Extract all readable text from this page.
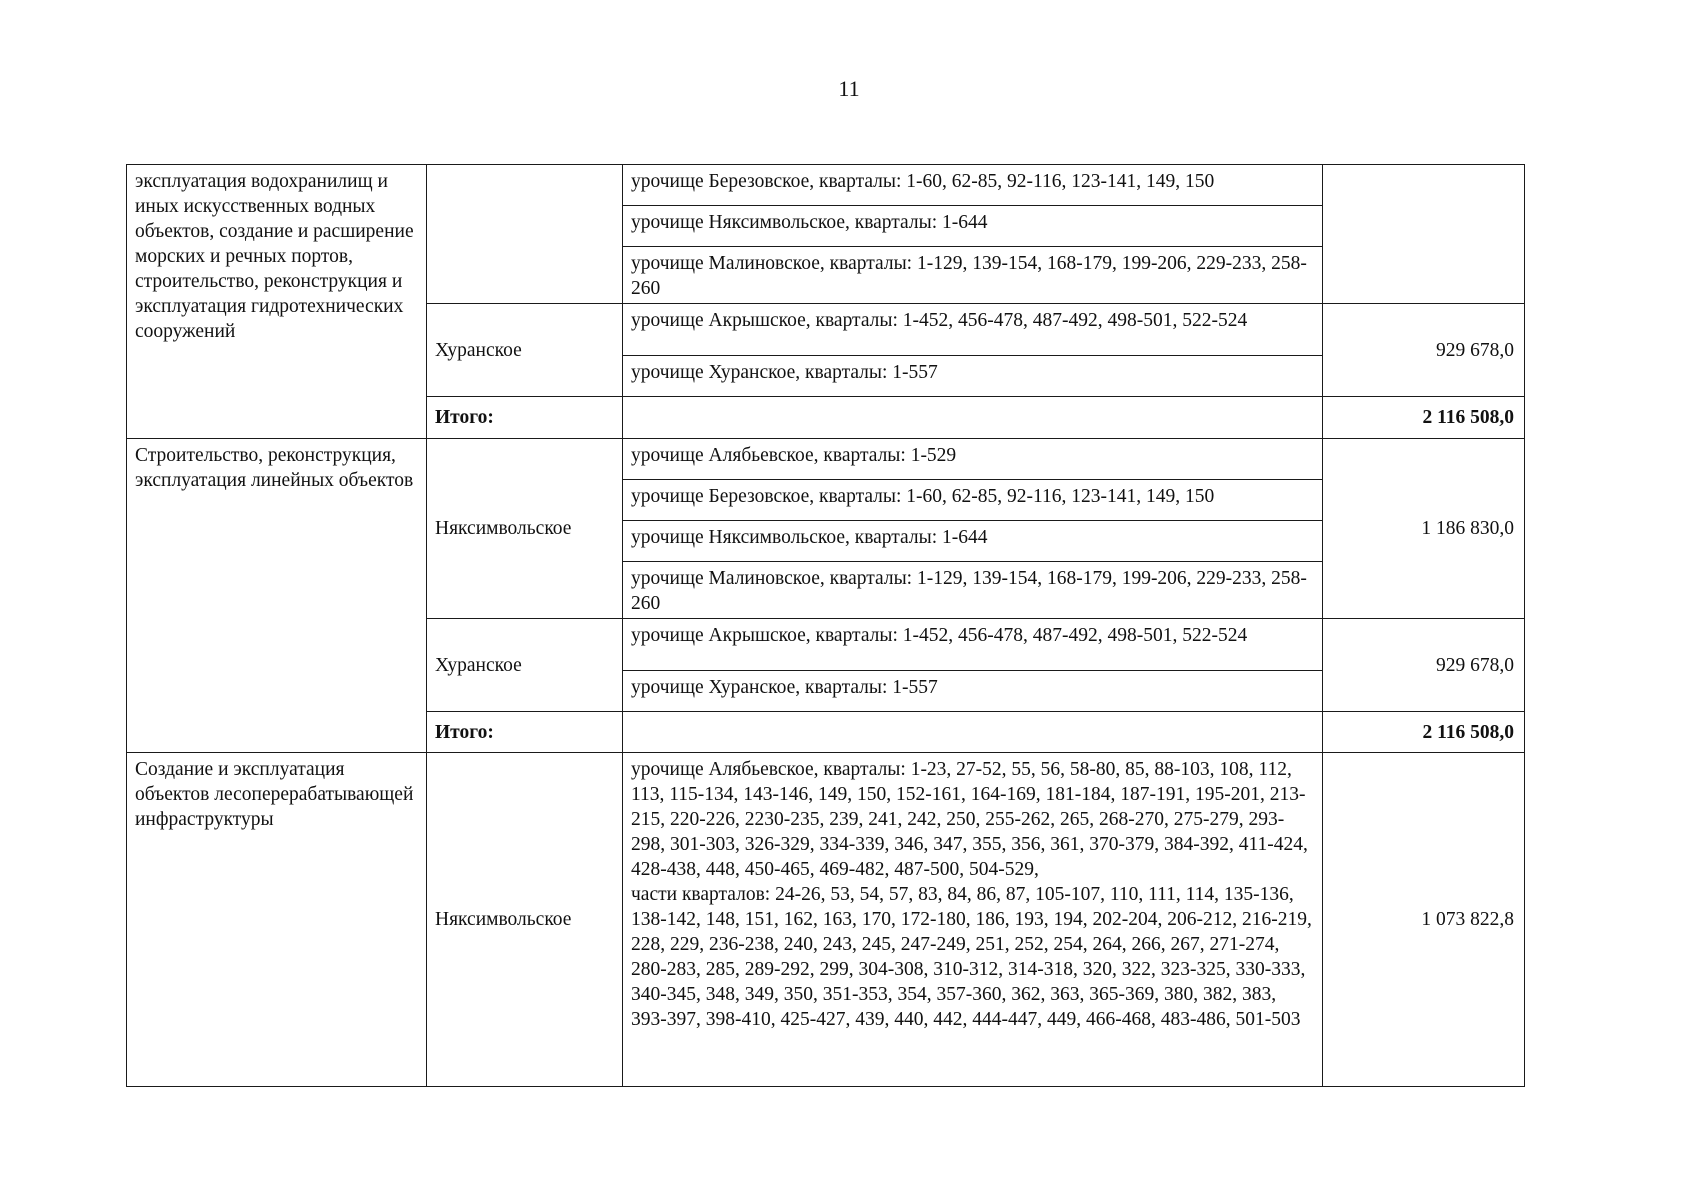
11
эксплуатация водохранилищ и иных искусственных водных объектов, создание и расширение морских и речных портов, строительство, реконструкция и эксплуатация гидротехнических сооружений		урочище Березовское, кварталы: 1-60, 62-85, 92-116, 123-141, 149, 150	
		урочище Няксимвольское, кварталы: 1-644	
		урочище Малиновское, кварталы: 1-129, 139-154, 168-179, 199-206, 229-233, 258-260	
	Хуранское	урочище Акрышское, кварталы: 1-452, 456-478, 487-492, 498-501, 522-524	929 678,0
		урочище Хуранское, кварталы: 1-557	
	Итого:		2 116 508,0
Строительство, реконструкция, эксплуатация линейных объектов	Няксимвольское	урочище Алябьевское, кварталы: 1-529	1 186 830,0
		урочище Березовское, кварталы: 1-60, 62-85, 92-116, 123-141, 149, 150	
		урочище Няксимвольское, кварталы: 1-644	
		урочище Малиновское, кварталы: 1-129, 139-154, 168-179, 199-206, 229-233, 258-260	
	Хуранское	урочище Акрышское, кварталы: 1-452, 456-478, 487-492, 498-501, 522-524	929 678,0
		урочище Хуранское, кварталы: 1-557	
	Итого:		2 116 508,0
Создание и эксплуатация объектов лесоперерабатывающей инфраструктуры	Няксимвольское	урочище Алябьевское, кварталы: 1-23, 27-52, 55, 56, 58-80, 85, 88-103, 108, 112, 113, 115-134, 143-146, 149, 150, 152-161, 164-169, 181-184, 187-191, 195-201, 213-215, 220-226, 2230-235, 239, 241, 242, 250, 255-262, 265, 268-270, 275-279, 293-298, 301-303, 326-329, 334-339, 346, 347, 355, 356, 361, 370-379, 384-392, 411-424, 428-438, 448, 450-465, 469-482, 487-500, 504-529,
части кварталов: 24-26, 53, 54, 57, 83, 84, 86, 87, 105-107, 110, 111, 114, 135-136, 138-142, 148, 151, 162, 163, 170, 172-180, 186, 193, 194, 202-204, 206-212, 216-219, 228, 229, 236-238, 240, 243, 245, 247-249, 251, 252, 254, 264, 266, 267, 271-274, 280-283, 285, 289-292, 299, 304-308, 310-312, 314-318, 320, 322, 323-325, 330-333, 340-345, 348, 349, 350, 351-353, 354, 357-360, 362, 363, 365-369, 380, 382, 383, 393-397, 398-410, 425-427, 439, 440, 442, 444-447, 449, 466-468, 483-486, 501-503	1 073 822,8
